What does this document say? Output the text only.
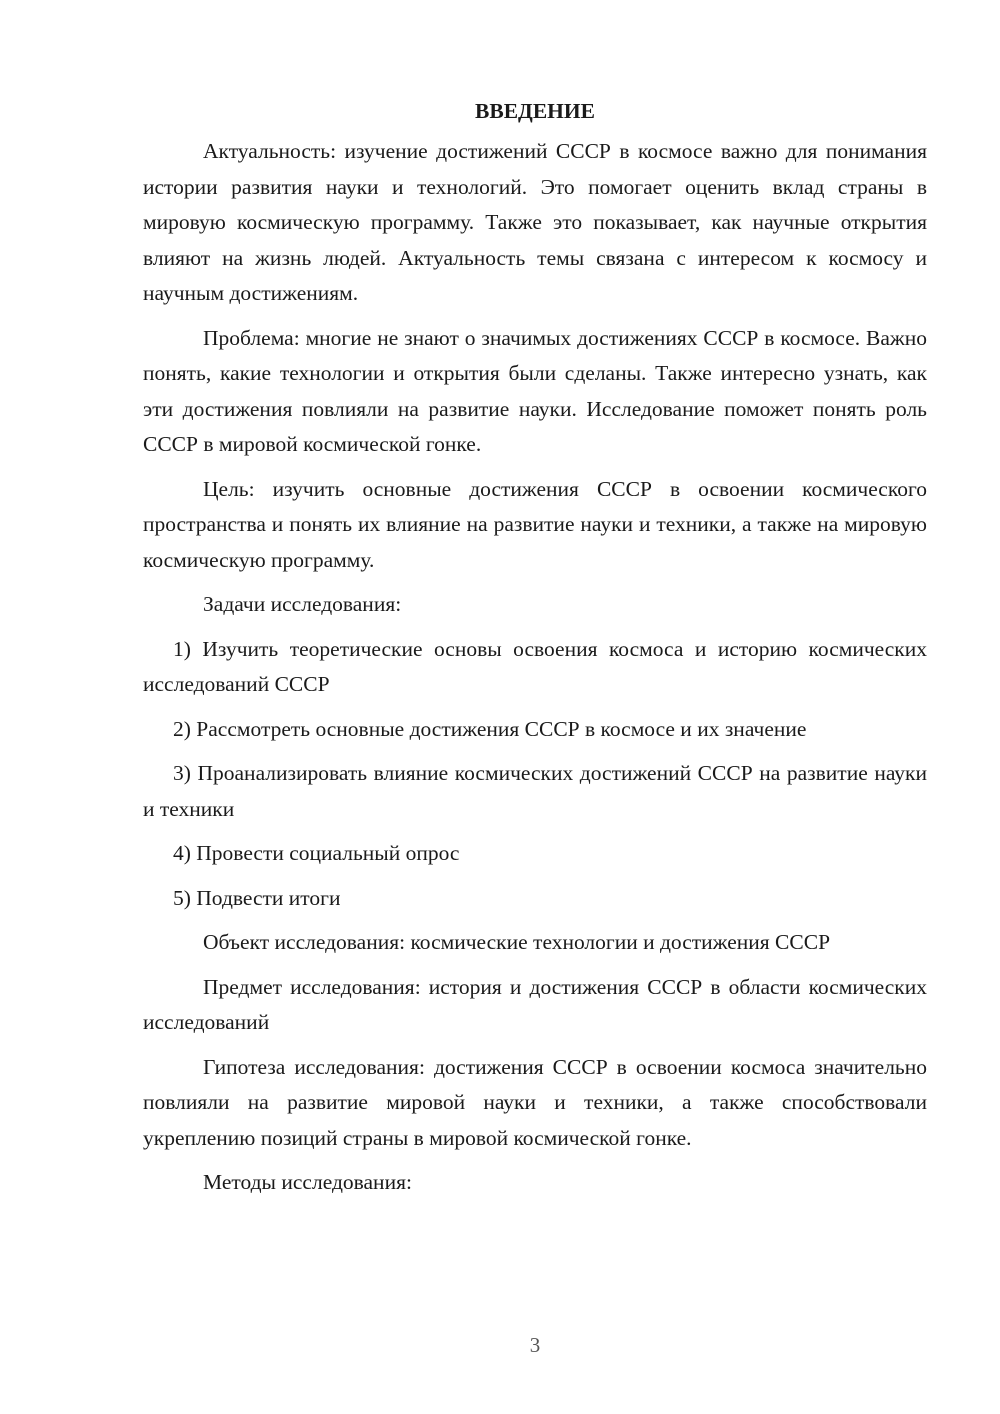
ВВЕДЕНИЕ

Актуальность: изучение достижений СССР в космосе важно для понимания истории развития науки и технологий. Это помогает оценить вклад страны в мировую космическую программу. Также это показывает, как научные открытия влияют на жизнь людей. Актуальность темы связана с интересом к космосу и научным достижениям.

Проблема: многие не знают о значимых достижениях СССР в космосе. Важно понять, какие технологии и открытия были сделаны. Также интересно узнать, как эти достижения повлияли на развитие науки. Исследование поможет понять роль СССР в мировой космической гонке.

Цель: изучить основные достижения СССР в освоении космического пространства и понять их влияние на развитие науки и техники, а также на мировую космическую программу.

Задачи исследования:

1) Изучить теоретические основы освоения космоса и историю космических исследований СССР

2) Рассмотреть основные достижения СССР в космосе и их значение

3) Проанализировать влияние космических достижений СССР на развитие науки и техники

4) Провести социальный опрос

5) Подвести итоги

Объект исследования: космические технологии и достижения СССР

Предмет исследования: история и достижения СССР в области космических исследований

Гипотеза исследования: достижения СССР в освоении космоса значительно повлияли на развитие мировой науки и техники, а также способствовали укреплению позиций страны в мировой космической гонке.

Методы исследования:

3
